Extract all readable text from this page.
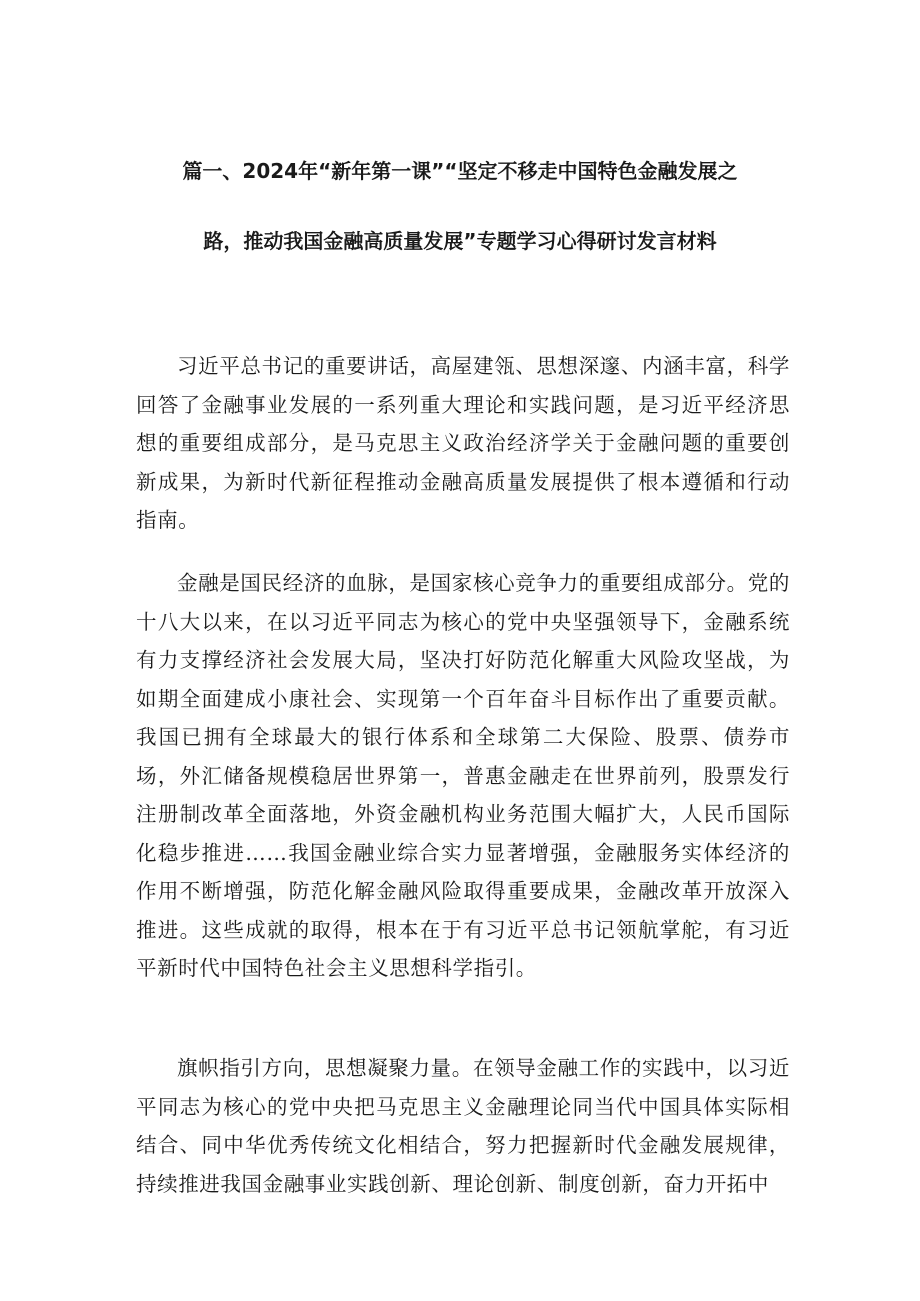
篇一、2024年“新年第一课”“坚定不移走中国特色金融发展之
路，推动我国金融高质量发展”专题学习心得研讨发言材料

习近平总书记的重要讲话，高屋建瓴、思想深邃、内涵丰富，科学回答了金融事业发展的一系列重大理论和实践问题，是习近平经济思想的重要组成部分，是马克思主义政治经济学关于金融问题的重要创新成果，为新时代新征程推动金融高质量发展提供了根本遵循和行动指南。

金融是国民经济的血脉，是国家核心竞争力的重要组成部分。党的十八大以来，在以习近平同志为核心的党中央坚强领导下，金融系统有力支撑经济社会发展大局，坚决打好防范化解重大风险攻坚战，为如期全面建成小康社会、实现第一个百年奋斗目标作出了重要贡献。我国已拥有全球最大的银行体系和全球第二大保险、股票、债券市场，外汇储备规模稳居世界第一，普惠金融走在世界前列，股票发行注册制改革全面落地，外资金融机构业务范围大幅扩大，人民币国际化稳步推进……我国金融业综合实力显著增强，金融服务实体经济的作用不断增强，防范化解金融风险取得重要成果，金融改革开放深入推进。这些成就的取得，根本在于有习近平总书记领航掌舵，有习近平新时代中国特色社会主义思想科学指引。

旗帜指引方向，思想凝聚力量。在领导金融工作的实践中，以习近平同志为核心的党中央把马克思主义金融理论同当代中国具体实际相结合、同中华优秀传统文化相结合，努力把握新时代金融发展规律，持续推进我国金融事业实践创新、理论创新、制度创新，奋力开拓中
